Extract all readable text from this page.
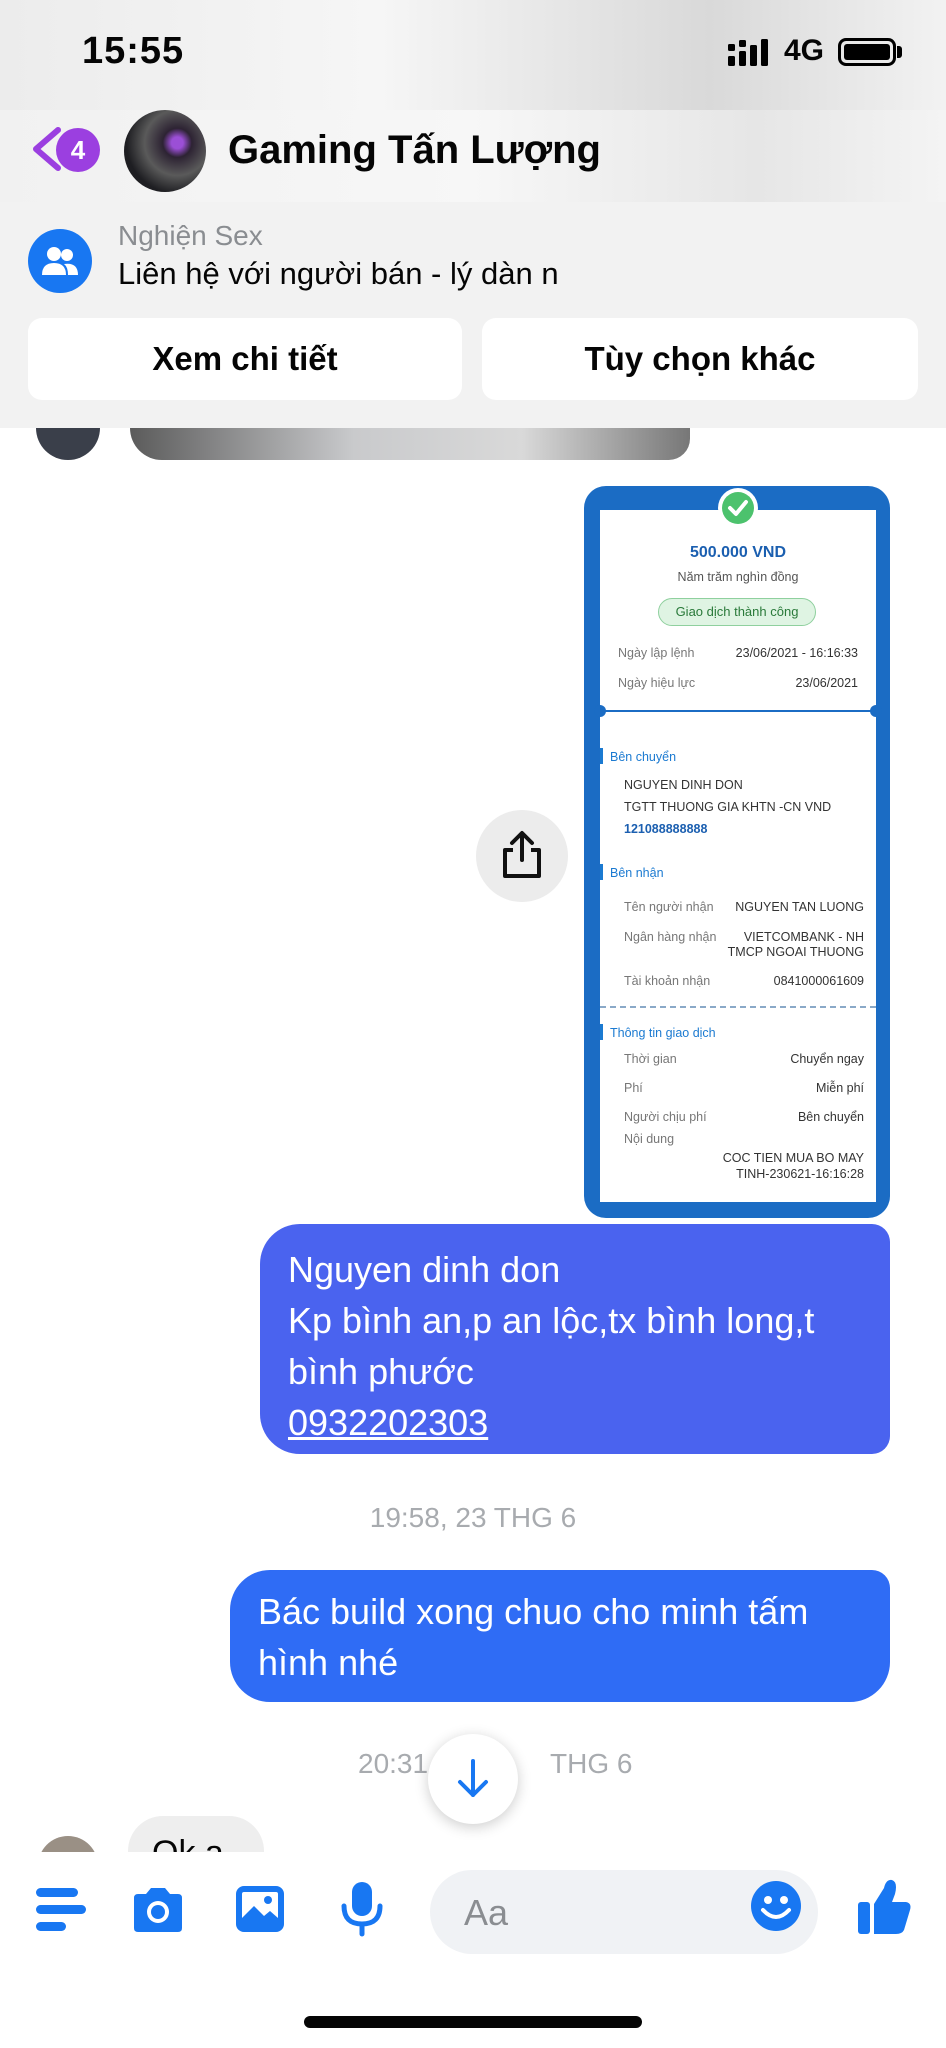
15:55	4G
4	Gaming Tấn Lượng
Nghiện Sex
Liên hệ với người bán - lý dàn n
Xem chi tiết	Tùy chọn khác
500.000 VND
Năm trăm nghìn đồng
Giao dịch thành công
Ngày lập lệnh	23/06/2021 - 16:16:33
Ngày hiệu lực	23/06/2021
Bên chuyển
NGUYEN DINH DON
TGTT THUONG GIA KHTN -CN VND
121088888888
Bên nhận
Tên người nhận	NGUYEN TAN LUONG
Ngân hàng nhận	VIETCOMBANK - NH
TMCP NGOAI THUONG
Tài khoản nhận	0841000061609
Thông tin giao dịch
Thời gian	Chuyển ngay
Phí	Miễn phí
Người chịu phí	Bên chuyển
Nội dung
COC TIEN MUA BO MAY
TINH-230621-16:16:28
Nguyen dinh don
Kp bình an,p an lộc,tx bình long,t
bình phước
0932202303
19:58, 23 THG 6
Bác build xong chuo cho minh tấm hình nhé
20:31	THG 6
Aa
